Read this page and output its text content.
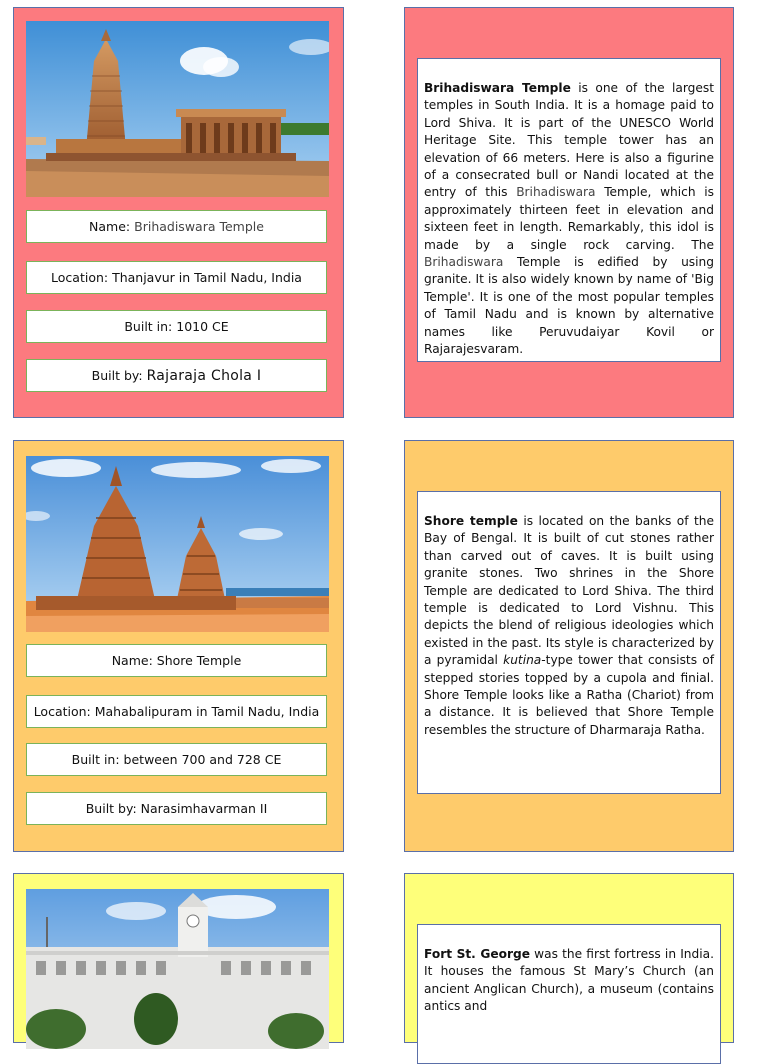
Name: Brihadiswara Temple
Location: Thanjavur in Tamil Nadu, India
Built in: 1010 CE
Built by: Rajaraja Chola I
Brihadiswara Temple is one of the largest temples in South India. It is a homage paid to Lord Shiva. It is part of the UNESCO World Heritage Site. This temple tower has an elevation of 66 meters. Here is also a figurine of a consecrated bull or Nandi located at the entry of this Brihadiswara Temple, which is approximately thirteen feet in elevation and sixteen feet in length. Remarkably, this idol is made by a single rock carving. The Brihadiswara Temple is edified by using granite. It is also widely known by name of 'Big Temple'. It is one of the most popular temples of Tamil Nadu and is known by alternative names like Peruvudaiyar Kovil or Rajarajesvaram.
Name: Shore Temple
Location: Mahabalipuram in Tamil Nadu, India
Built in: between 700 and 728 CE
Built by: Narasimhavarman II
Shore temple is located on the banks of the Bay of Bengal. It is built of cut stones rather than carved out of caves. It is built using granite stones. Two shrines in the Shore Temple are dedicated to Lord Shiva. The third temple is dedicated to Lord Vishnu. This depicts the blend of religious ideologies which existed in the past. Its style is characterized by a pyramidal kutina-type tower that consists of stepped stories topped by a cupola and finial. Shore Temple looks like a Ratha (Chariot) from a distance. It is believed that Shore Temple resembles the structure of Dharmaraja Ratha.
Fort St. George was the first fortress in India. It houses the famous St Mary’s Church (an ancient Anglican Church), a museum (contains antics and
